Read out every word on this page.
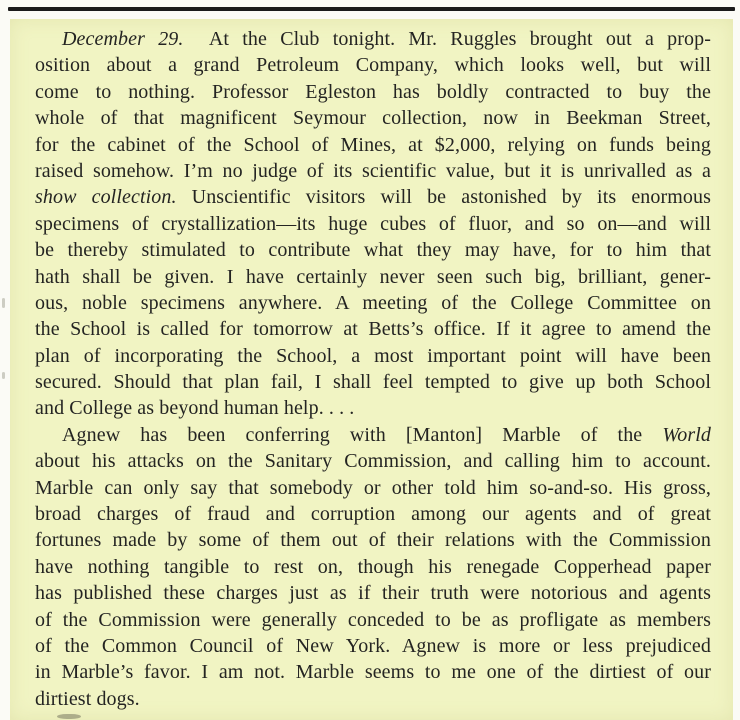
December 29.  At the Club tonight. Mr. Ruggles brought out a prop-
osition about a grand Petroleum Company, which looks well, but will
come to nothing. Professor Egleston has boldly contracted to buy the
whole of that magnificent Seymour collection, now in Beekman Street,
for the cabinet of the School of Mines, at $2,000, relying on funds being
raised somehow. I’m no judge of its scientific value, but it is unrivalled as a
show collection. Unscientific visitors will be astonished by its enormous
specimens of crystallization—its huge cubes of fluor, and so on—and will
be thereby stimulated to contribute what they may have, for to him that
hath shall be given. I have certainly never seen such big, brilliant, gener-
ous, noble specimens anywhere. A meeting of the College Committee on
the School is called for tomorrow at Betts’s office. If it agree to amend the
plan of incorporating the School, a most important point will have been
secured. Should that plan fail, I shall feel tempted to give up both School
and College as beyond human help. . . .
Agnew has been conferring with [Manton] Marble of the World
about his attacks on the Sanitary Commission, and calling him to account.
Marble can only say that somebody or other told him so-and-so. His gross,
broad charges of fraud and corruption among our agents and of great
fortunes made by some of them out of their relations with the Commission
have nothing tangible to rest on, though his renegade Copperhead paper
has published these charges just as if their truth were notorious and agents
of the Commission were generally conceded to be as profligate as members
of the Common Council of New York. Agnew is more or less prejudiced
in Marble’s favor. I am not. Marble seems to me one of the dirtiest of our
dirtiest dogs.
